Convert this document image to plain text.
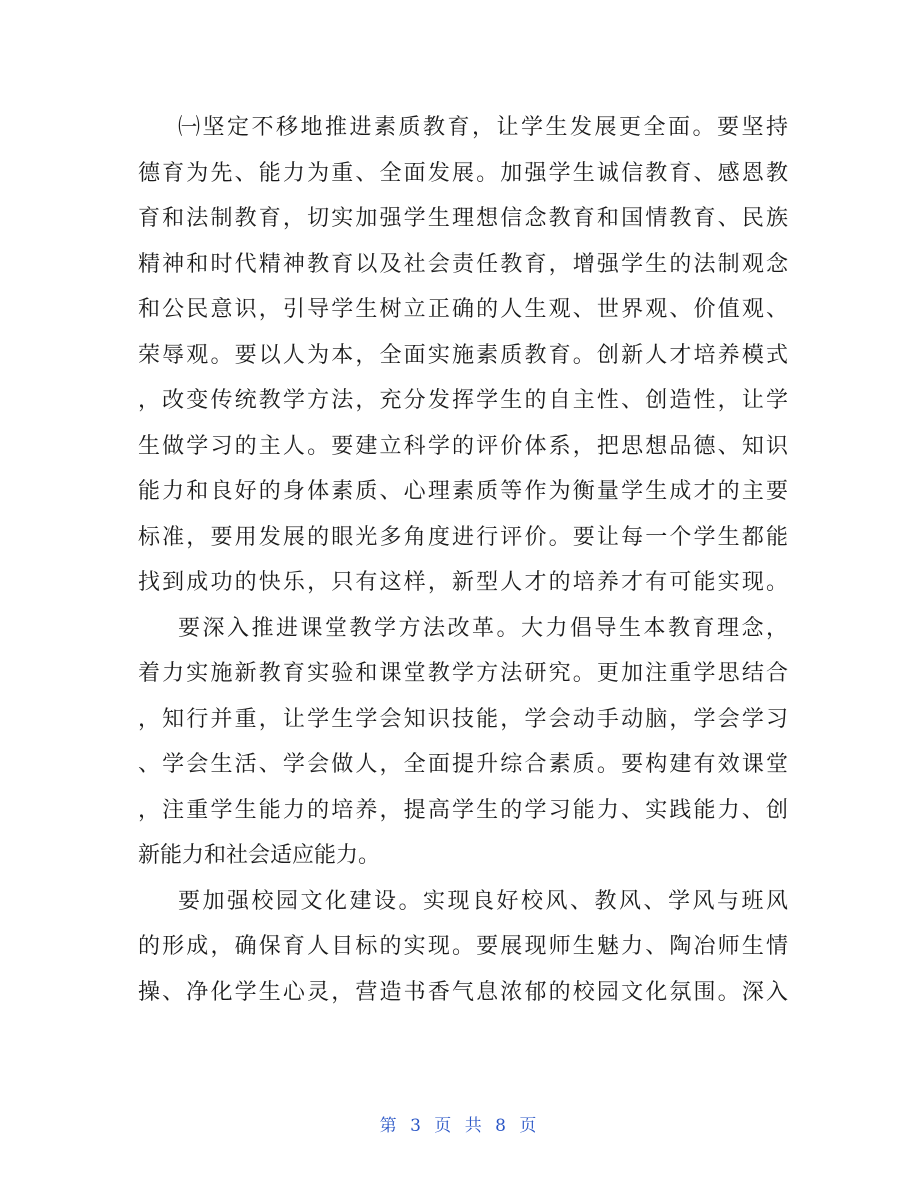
㈠坚定不移地推进素质教育，让学生发展更全面。要坚持
德育为先、能力为重、全面发展。加强学生诚信教育、感恩教
育和法制教育，切实加强学生理想信念教育和国情教育、民族
精神和时代精神教育以及社会责任教育，增强学生的法制观念
和公民意识，引导学生树立正确的人生观、世界观、价值观、
荣辱观。要以人为本，全面实施素质教育。创新人才培养模式
，改变传统教学方法，充分发挥学生的自主性、创造性，让学
生做学习的主人。要建立科学的评价体系，把思想品德、知识
能力和良好的身体素质、心理素质等作为衡量学生成才的主要
标准，要用发展的眼光多角度进行评价。要让每一个学生都能
找到成功的快乐，只有这样，新型人才的培养才有可能实现。
要深入推进课堂教学方法改革。大力倡导生本教育理念，
着力实施新教育实验和课堂教学方法研究。更加注重学思结合
，知行并重，让学生学会知识技能，学会动手动脑，学会学习
、学会生活、学会做人，全面提升综合素质。要构建有效课堂
，注重学生能力的培养，提高学生的学习能力、实践能力、创
新能力和社会适应能力。
要加强校园文化建设。实现良好校风、教风、学风与班风
的形成，确保育人目标的实现。要展现师生魅力、陶冶师生情
操、净化学生心灵，营造书香气息浓郁的校园文化氛围。深入
第 3 页 共 8 页
